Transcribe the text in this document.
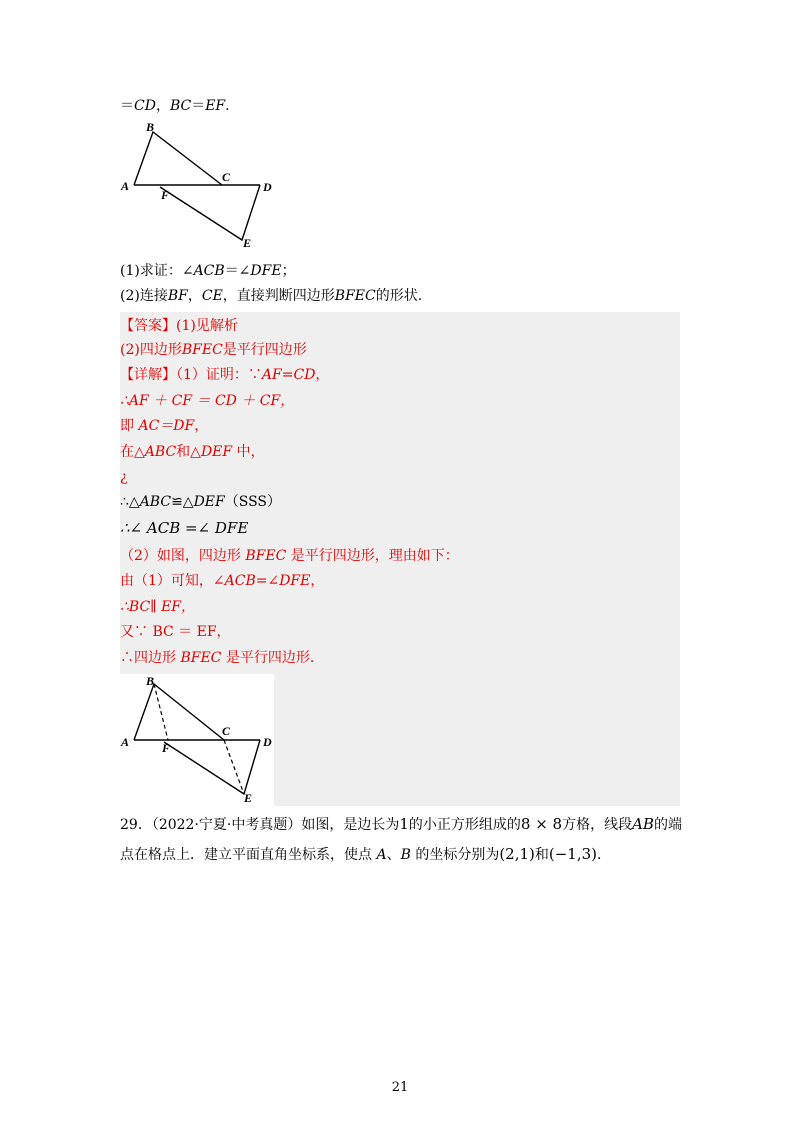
＝CD，BC＝EF.
B
C
D
A
F
E
(1)求证：∠ACB＝∠DFE；
(2)连接BF，CE，直接判断四边形BFEC的形状.
【答案】(1)见解析
(2)四边形BFEC是平行四边形
【详解】（1）证明：∵AF=CD，
∴AF ＋ CF ＝ CD ＋ CF，
即 AC＝DF，
在△ABC和△DEF 中，
¿
∴△ABC≌△DEF（SSS）
∴∠ ACB =∠ DFE
（2）如图，四边形 BFEC 是平行四边形，理由如下：
由（1）可知，∠ACB=∠DFE，
∴BC∥ EF，
又∵ BC ＝ EF，
∴四边形 BFEC 是平行四边形.
B
C
D
A	F
E
29．（2022·宁夏·中考真题）如图，是边长为1的小正方形组成的8 × 8方格，线段AB的端
点在格点上．建立平面直角坐标系，使点 A、B 的坐标分别为(2,1)和(−1,3).
21
